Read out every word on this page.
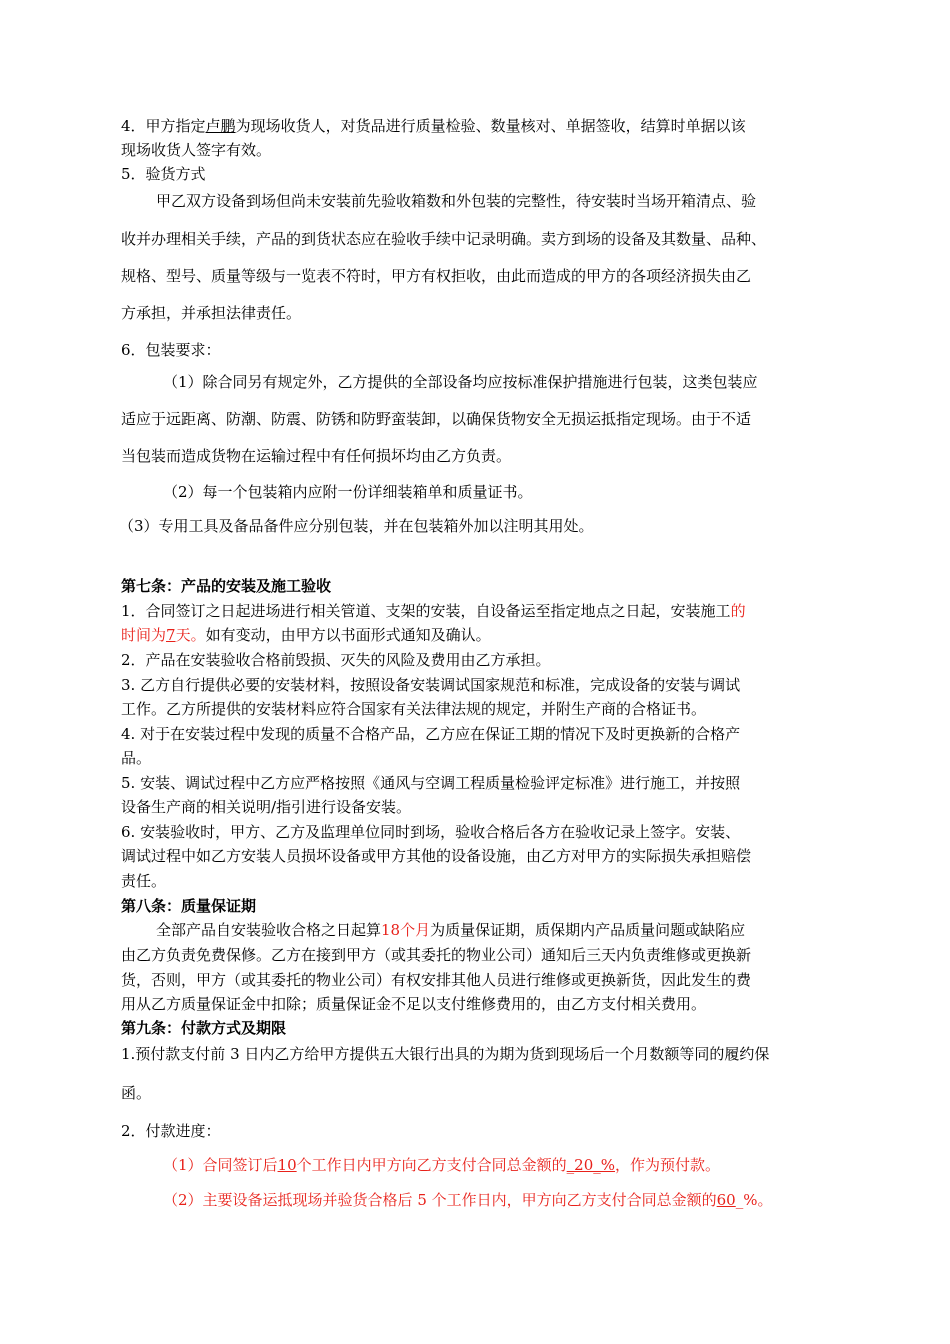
4．甲方指定卢鹏为现场收货人，对货品进行质量检验、数量核对、单据签收，结算时单据以该
现场收货人签字有效。
5．验货方式
甲乙双方设备到场但尚未安装前先验收箱数和外包装的完整性，待安装时当场开箱清点、验
收并办理相关手续，产品的到货状态应在验收手续中记录明确。卖方到场的设备及其数量、品种、
规格、型号、质量等级与一览表不符时，甲方有权拒收，由此而造成的甲方的各项经济损失由乙
方承担，并承担法律责任。
6．包装要求：
（1）除合同另有规定外，乙方提供的全部设备均应按标准保护措施进行包装，这类包装应
适应于远距离、防潮、防震、防锈和防野蛮装卸，以确保货物安全无损运抵指定现场。由于不适
当包装而造成货物在运输过程中有任何损坏均由乙方负责。
（2）每一个包装箱内应附一份详细装箱单和质量证书。
（3）专用工具及备品备件应分别包装，并在包装箱外加以注明其用处。
第七条：产品的安装及施工验收
1．合同签订之日起进场进行相关管道、支架的安装，自设备运至指定地点之日起，安装施工的
时间为7天。如有变动，由甲方以书面形式通知及确认。
2．产品在安装验收合格前毁损、灭失的风险及费用由乙方承担。
3. 乙方自行提供必要的安装材料，按照设备安装调试国家规范和标准，完成设备的安装与调试
工作。乙方所提供的安装材料应符合国家有关法律法规的规定，并附生产商的合格证书。
4. 对于在安装过程中发现的质量不合格产品，乙方应在保证工期的情况下及时更换新的合格产
品。
5. 安装、调试过程中乙方应严格按照《通风与空调工程质量检验评定标准》进行施工，并按照
设备生产商的相关说明/指引进行设备安装。
6. 安装验收时，甲方、乙方及监理单位同时到场，验收合格后各方在验收记录上签字。安装、
调试过程中如乙方安装人员损坏设备或甲方其他的设备设施，由乙方对甲方的实际损失承担赔偿
责任。
第八条：质量保证期
全部产品自安装验收合格之日起算18个月为质量保证期，质保期内产品质量问题或缺陷应
由乙方负责免费保修。乙方在接到甲方（或其委托的物业公司）通知后三天内负责维修或更换新
货，否则，甲方（或其委托的物业公司）有权安排其他人员进行维修或更换新货，因此发生的费
用从乙方质量保证金中扣除；质量保证金不足以支付维修费用的，由乙方支付相关费用。
第九条：付款方式及期限
1.预付款支付前 3 日内乙方给甲方提供五大银行出具的为期为货到现场后一个月数额等同的履约保
函。
2．付款进度：
（1）合同签订后10个工作日内甲方向乙方支付合同总金额的_20_%，作为预付款。
（2）主要设备运抵现场并验货合格后 5 个工作日内，甲方向乙方支付合同总金额的60_%。
